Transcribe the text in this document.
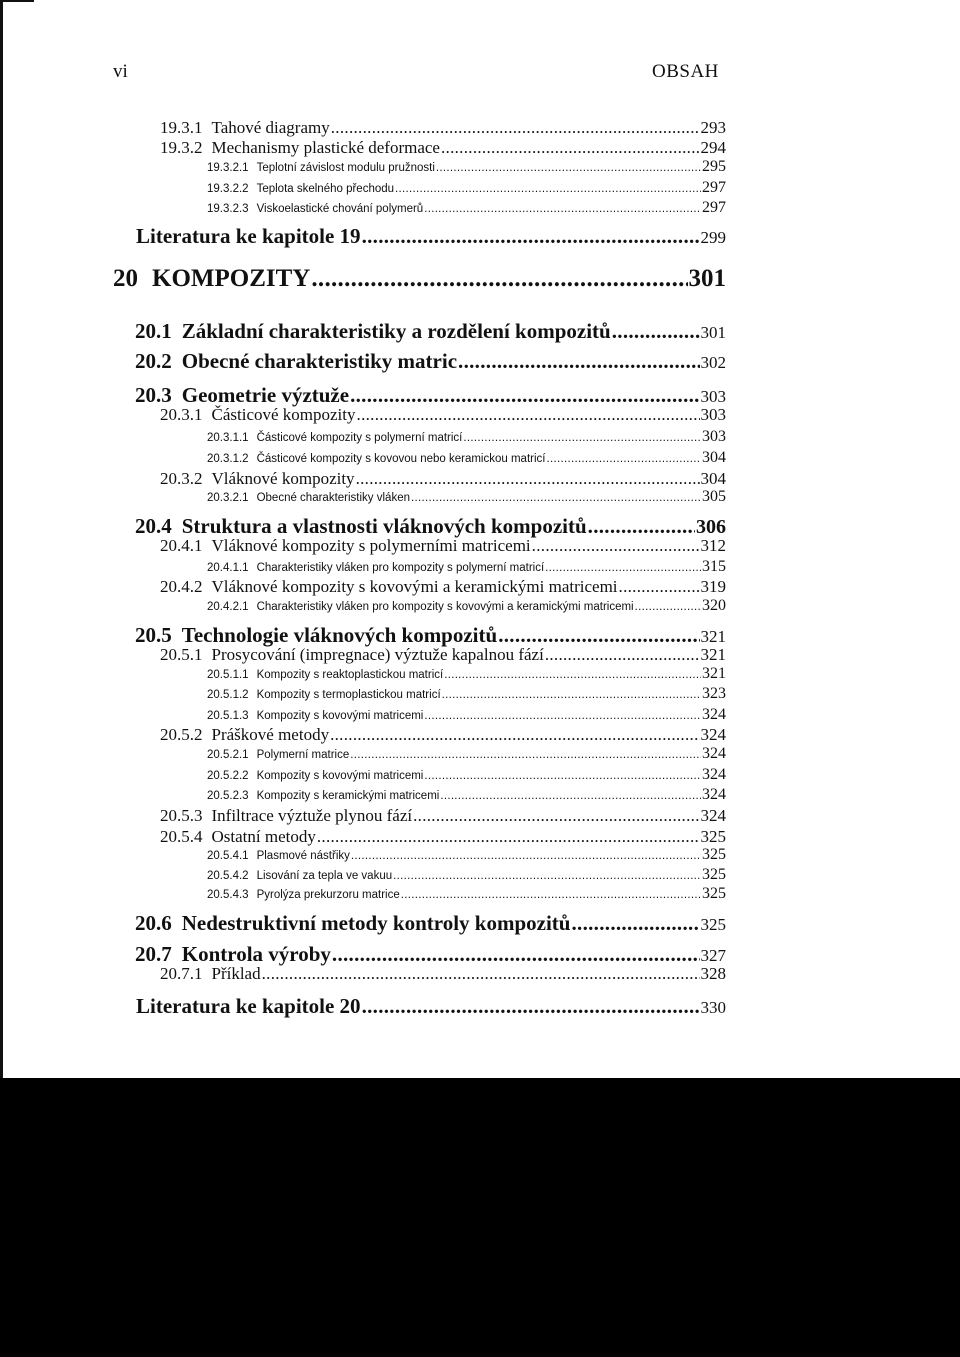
vi	OBSAH
19.3.1 Tahové diagramy .....	293
19.3.2 Mechanismy plastické deformace .....	294
19.3.2.1 Teplotní závislost modulu pružnosti .....	295
19.3.2.2 Teplota skelného přechodu .....	297
19.3.2.3 Viskoelastické chování polymerů .....	297
Literatura ke kapitole 19 .....	299
20 KOMPOZITY .....	301
20.1 Základní charakteristiky a rozdělení kompozitů .....	301
20.2 Obecné charakteristiky matric .....	302
20.3 Geometrie výztuže .....	303
20.3.1 Částicové kompozity .....	303
20.3.1.1 Částicové kompozity s polymerní matricí .....	303
20.3.1.2 Částicové kompozity s kovovou nebo keramickou matricí .....	304
20.3.2 Vláknové kompozity .....	304
20.3.2.1 Obecné charakteristiky vláken .....	305
20.4 Struktura a vlastnosti vláknových kompozitů .....	306
20.4.1 Vláknové kompozity s polymerními matricemi .....	312
20.4.1.1 Charakteristiky vláken pro kompozity s polymerní matricí .....	315
20.4.2 Vláknové kompozity s kovovými a keramickými matricemi .....	319
20.4.2.1 Charakteristiky vláken pro kompozity s kovovými a keramickými matricemi .....	320
20.5 Technologie vláknových kompozitů .....	321
20.5.1 Prosycování (impregnace) výztuže kapalnou fází .....	321
20.5.1.1 Kompozity s reaktoplastickou matricí .....	321
20.5.1.2 Kompozity s termoplastickou matricí .....	323
20.5.1.3 Kompozity s kovovými matricemi .....	324
20.5.2 Práškové metody .....	324
20.5.2.1 Polymerní matrice .....	324
20.5.2.2 Kompozity s kovovými matricemi .....	324
20.5.2.3 Kompozity s keramickými matricemi .....	324
20.5.3 Infiltrace výztuže plynou fází .....	324
20.5.4 Ostatní metody .....	325
20.5.4.1 Plasmové nástřiky .....	325
20.5.4.2 Lisování za tepla ve vakuu .....	325
20.5.4.3 Pyrolýza prekurzoru matrice .....	325
20.6 Nedestruktivní metody kontroly kompozitů .....	325
20.7 Kontrola výroby .....	327
20.7.1 Příklad .....	328
Literatura ke kapitole 20 .....	330
